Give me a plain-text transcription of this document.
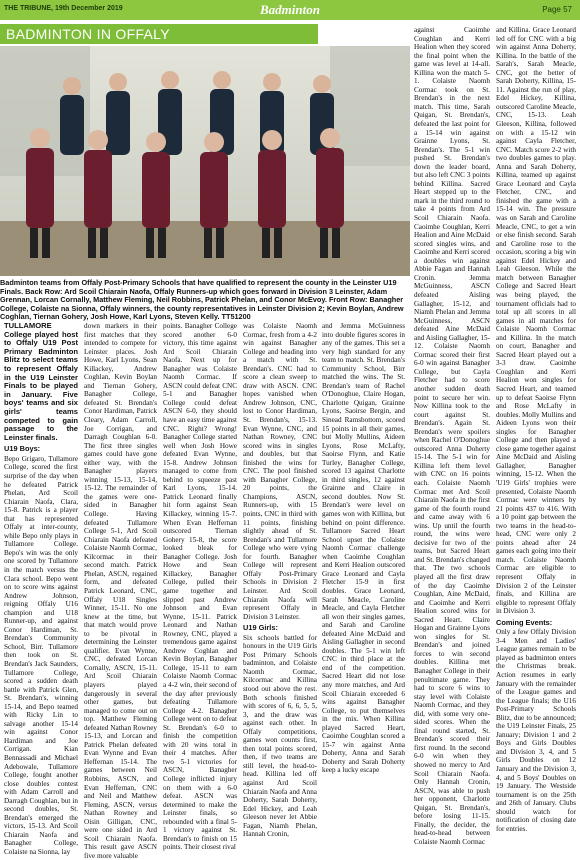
THE TRIBUNE, 19th December 2019	Badminton	Page 57
BADMINTON IN OFFALY
Badminton teams from Offaly Post-Primary Schools that have qualified to represent the county in the Leinster U19 Finals. Back Row: Ard Scoil Chiarain Naofa, Offaly Runners-up which goes forward in Division 3 Leinster, Adam Grennan, Lorcan Cornally, Matthew Fleming, Neil Robbins, Patrick Phelan, and Conor McEvoy. Front Row: Banagher College, Colaiste na Sionna, Offaly winners, the county representatives in Leinster Division 2; Kevin Boylan, Andrew Coghlan, Tiernan Gohery, Josh Howe, Karl Lyons, Steven Kelly. TT51200

TULLAMORE College played host to Offaly U19 Post Primary Badminton Blitz to select teams to represent Offaly in the U19 Leinster Finals to be played in January. Five boys' teams and six girls' teams competed to gain passage to the Leinster finals.

U19 Boys:

Bepo Grigaro, Tullamore College, scored the first surprise of the day when he defeated Patrick Phelan, Ard Scoil Chiarain Naofa, Clara, 15-8. Patrick is a player that has represented Offaly at inter-county, while Bepo only plays in Tullamore College. Bepo's win was the only one scored by Tullamore in the match versus the Clara school. Bepo went on to score wins against Andrew Johnson, reigning Offaly U16 champion and U18 Runner-up, and against Conor Hardiman, St. Brendan's Community School, Birr. Tullamore then took on St. Brendan's Jack Saunders, Tullamore College, scored a sudden death battle with Patrick Glen, St. Brendan's, winning 15-14, and Bepo teamed with Ricky Lin to salvage another 15-14 win against Conor Hardiman and Joe Corrigan. Kian Bennassadi and Michael Adebowale, Tullamore College, fought another close doubles contest with Adam Carroll and Darragh Coughlan, but in second doubles, St. Brendan's emerged the victors, 15-13. Ard Scoil Chiarain Naofa and Banagher College, Colaiste na Sionna, lay

down markers in their first matches that they intended to compete for Leinster places. Josh Howe, Karl Lyons, Sean Killackey, Andrew Coghlan, Kevin Boylan and Tiernan Gohery, Banagher College, defeated St. Brendan's Conor Hardiman, Patrick Cleary, Adam Carroll, Joe Corrigan, and Darragh Coughlan 6-0. The first three singles games could have gone either way, with the Banagher players winning 15-13, 15-14, 15-12. The remainder of the games were one-sided in Banagher College. Having defeated Tullamore College 5-1, Ard Scoil Chiarain Naofa defeated Colaiste Naomh Cormac, Kilcormac in their second match. Patrick Phelan, ASCN, regained form, and defeated Patrick Leonard, CNC, Offaly U18 Singles Winner, 15-11. No one knew at the time, but that match would prove to be pivotal in determining the Leinster qualifier. Evan Wynne, CNC, defeated Lorcan Cornally, ASCN, 15-11. Ard Scoil Chiarain players played dangerously in several other games, but managed to come out on top. Matthew Fleming defeated Nathan Rowney 15-13, and Lorcan and Patrick Phelan defeated Evan Wynne and Evan Heffernan 15-14. The games between Neil Robbins, ASCN, and Evan Heffernan, CNC and Neil and Matthew Fleming, ASCN, versus Nathan Rowney and Oisin Gilligan, CNC, were one sided in Ard Scoil Chiarain Naofa. This result gave ASCN five more valuable

points. Banagher College scored another 6-0 victory, this time against Ard Scoil Chiarain Naofa. Next up for Banagher was Colaiste Naomh Cormac. If ASCN could defeat CNC 5-1 and Banagher College could defeat ASCN 6-0, they should have an easy time against CNC. Right? Wrong! Banagher College started well when Josh Howe defeated Evan Wynne, 15-8. Andrew Johnson managed to come from behind to squeeze past Karl Lyons, 15-14. Patrick Leonard finally hit form against Sean Killackey, winning 15-7. When Evan Heffernan outscored Tiernan Gohery 15-8, the score looked bleak for Banagher College. Josh Howe and Sean Killackey, Banagher College, pulled their game together and slipped past Andrew Johnson and Evan Wynne, 15-11. Patrick Leonard and Nathan Rowney, CNC, played a tremendous game against Andrew Coghlan and Kevin Boylan, Banagher College, 15-11 to earn Colaiste Naomh Cormac a 4-2 win, their second of the day after previously defeating Tullamore College 4-2. Banagher College went on to defeat St. Brendan's 6-0 to finish the competition with 20 wins total in their 4 matches. After two 5-1 victories for ASCN, Banagher College inflicted injury on them with a 6-0 defeat. ASCN was determined to make the Leinster finals, so rebounded with a final 5-1 victory against St. Brendan's to finish on 15 points. Their closest rival

was Colaiste Naomh Cormac, fresh from a 4-2 win against Banagher College and heading into a match with St. Brendan's. CNC had to score a clean sweep to draw with ASCN. CNC hopes vanished when Andrew Johnson, CNC, lost to Conor Hardiman, St. Brendan's, 15-13. Evan Wynne, CNC, and Nathan Rowney, CNC scored wins in singles and doubles, but that finished the wins for CNC. The pool finished with Banagher College, 20 points, the Champions, ASCN, Runners-up, with 15 points, CNC in third with 11 points, finishing slightly ahead of St. Brendan's and Tullamore College who were vying for fourth. Banagher College will represent Offaly Post-Primary Schools in Division 2 Leinster. Ard Scoil Chiarain Naofa will represent Offaly in Division 3 Leinster.

U19 Girls:

Six schools battled for honours in the U19 Girls Post Primary Schools badminton, and Colaiste Naomh Cormac, Kilcormac and Killina stood out above the rest. Both schools finished with scores of 6, 6, 5, 5, 3, and the draw was against each other. In Offaly competitions, games won counts first, then total points scored, then, if two teams are still level, the head-to-head. Killina led off against Ard Scoil Chiarain Naofa and Anna Doherty, Sarah Doherty, Edel Hickey, and Leah Gleeson never let Abbie Fagan, Niamh Phelan, Hannah Cronin,

and Jemma McGuinness into double figures scores in any of the games. This set a very high standard for any team to match. St. Brendan's Community School, Birr matched the wins. The St. Brendan's team of Rachel O'Donoghue, Claire Hogan, Charlotte Quigan, Grainne Lyons, Saoirse Bergin, and Sinead Ramsbottom, scored 15 points in all their games, but Molly Mullins, Aideen Lyons, Rose McLafty, Saoirse Flynn, and Katie Turley, Banagher College, scored 13 against Charlotte in third singles, 12 against Grainne and Claire in second doubles. Now St. Brendan's were level on games won with Killina, but behind on point difference. Tullamore Sacred Heart School upset the Colaiste Naomh Cormac challenge when Caoimhe Coughlan and Kerri Healion outscored Grace Leonard and Cayla Fletcher 15-9 in first doubles. Grace Leonard, Sarah Meacle, Caroline Meacle, and Cayla Fletcher all won their singles games, and Sarah and Caroline defeated Aine McDaid and Aisling Gallagher in second doubles. The 5-1 win left CNC in third place at the end of the competition. Sacred Heart did not lose any more matches, and Ard Scoil Chiarain exceeded 6 wins against Banagher College, to put themselves in the mix. When Killina played Sacred Heart, Caoimhe Coughlan scored a 15-7 win against Anna Doherty, Anna and Sarah Doherty and Sarah Doherty keep a lucky escape

against Caoimhe Coughlan and Kerri Healion when they scored the final point when the game was level at 14-all. Killina won the match 5-1. Colaiste Naomh Cormac took on St. Brendan's in the next match. This time, Sarah Quigan, St. Brendan's, defeated the last point for a 15-14 win against Grainne Lyons, St. Brendan's. The 5-1 win pushed St. Brendan's down the leader board, but also left CNC 3 points behind Killina. Sacred Heart stepped up to the mark in the third round to take 4 points from Ard Scoil Chiarain Naofa. Caoimhe Coughlan, Kerri Healion and Aine McDaid scored singles wins, and Caoimhe and Kerri scored a doubles win against Abbie Fagan and Hannah Cronin. Jemma McGuinness, ASCN defeated Aisling Gallagher, 15-12, and Niamh Phelan and Jemma McGuinness, ASCN defeated Aine McDaid and Aisling Gallagher, 15-12. Colaiste Naomh Cormac scored their first 6-0 win against Banagher College, but Cayla Fletcher had to score another sudden death point to secure her win. Now Killina took to the court against St. Brendan's. Again St. Brendan's were spoilers when Rachel O'Donoghue outscored Anna Doherty 15-14. The 5-1 win for Killina left them level with CNC on 16 points each. Colaiste Naomh Cormac met Ard Scoil Chiarain Naofa in the first game of the fourth round and came away with 6 wins. Up until the fourth round, the wins were decisive for two of the teams, but Sacred Heart and St. Brendan's changed that. The two schools played all the first draw of the day Caoimhe Coughlan, Aine McDaid, and Caoimhe and Kerri Healion scored wins for Sacred Heart. Claire Hogan and Grainne Lyons won singles for St. Brendan's and joined forces to win second doubles. Killina met Banagher College in their penultimate game. They had to score 6 wins to stay level with Colaiste Naomh Cormac, and they did, with some very one-sided scores. When the final round started, St. Brendan's scored their first round. In the second 6-0 win when they showed no mercy to Ard Scoil Chiarain Naofa. Only Hannah Cronin, ASCN, was able to push her opponent, Charlotte Quigan, St. Brendan's, before losing 11-15. Finally, the decider, the head-to-head between Colaiste Naomh Cormac

and Killina. Grace Leonard led off for CNC with a big win against Anna Doherty, Killina. In the battle of the Sarah's, Sarah Meacle, CNC, got the better of Sarah Doherty, Killina, 15-11. Against the run of play, Edel Hickey, Killina, outscored Caroline Meacle, CNC, 15-13. Leah Gleeson, Killina, followed on with a 15-12 win against Cayla Fletcher, CNC. Match score 2-2 with two doubles games to play. Anna and Sarah Doherty, Killina, teamed up against Grace Leonard and Cayla Fletcher, CNC, and finished the game with a 15-14 win. The pressure was on Sarah and Caroline Meacle, CNC, to get a win or else finish second. Sarah and Caroline rose to the occasion, scoring a big win against Edel Hickey and Leah Gleeson. While the match between Banagher College and Sacred Heart was being played, the tournament officials had to total up all scores in all games in all matches for Colaiste Naomh Cormac and Killina. In the match on court, Banagher and Sacred Heart played out a 3-3 draw. Caoimhe Coughlan and Kerri Healion won singles for Sacred Heart, and teamed up to defeat Saoirse Flynn and Rose McLafty in doubles. Molly Mullins and Aideen Lyons won their singles for Banagher College and then played a close game together against Aine McDaid and Aisling Gallagher, Banagher winning, 15-12. When the 'U19 Girls' trophies were presented, Colaiste Naomh Cormac were winners by 21 points 437 to 416. With a 10 point gap between the two teams in the head-to-head, CNC were only 2 points ahead after 24 games each going into their match. Colaiste Naomh Cormac are eligible to represent Offaly in Division 2 of the Leinster finals, and Killina are eligible to represent Offaly in Division 3.

Coming Events:

Only a few Offaly Division 3-4 Men and Ladies' League games remain to be played as badminton enters the Christmas break. Action resumes in early January with the remainder of the League games and the League finals; the U16 Post-Primary Schools Blitz, due to be announced; the U19 Leinster Finals, 25 January; Division 1 and 2 Boys and Girls Doubles and Division 3, 4, and 5 Girls Doubles on 12 January and the Division 3, 4, and 5 Boys' Doubles on 19 January. The Westside tournament is on the 25th and 26th of January. Clubs should watch for notification of closing date for entries.
